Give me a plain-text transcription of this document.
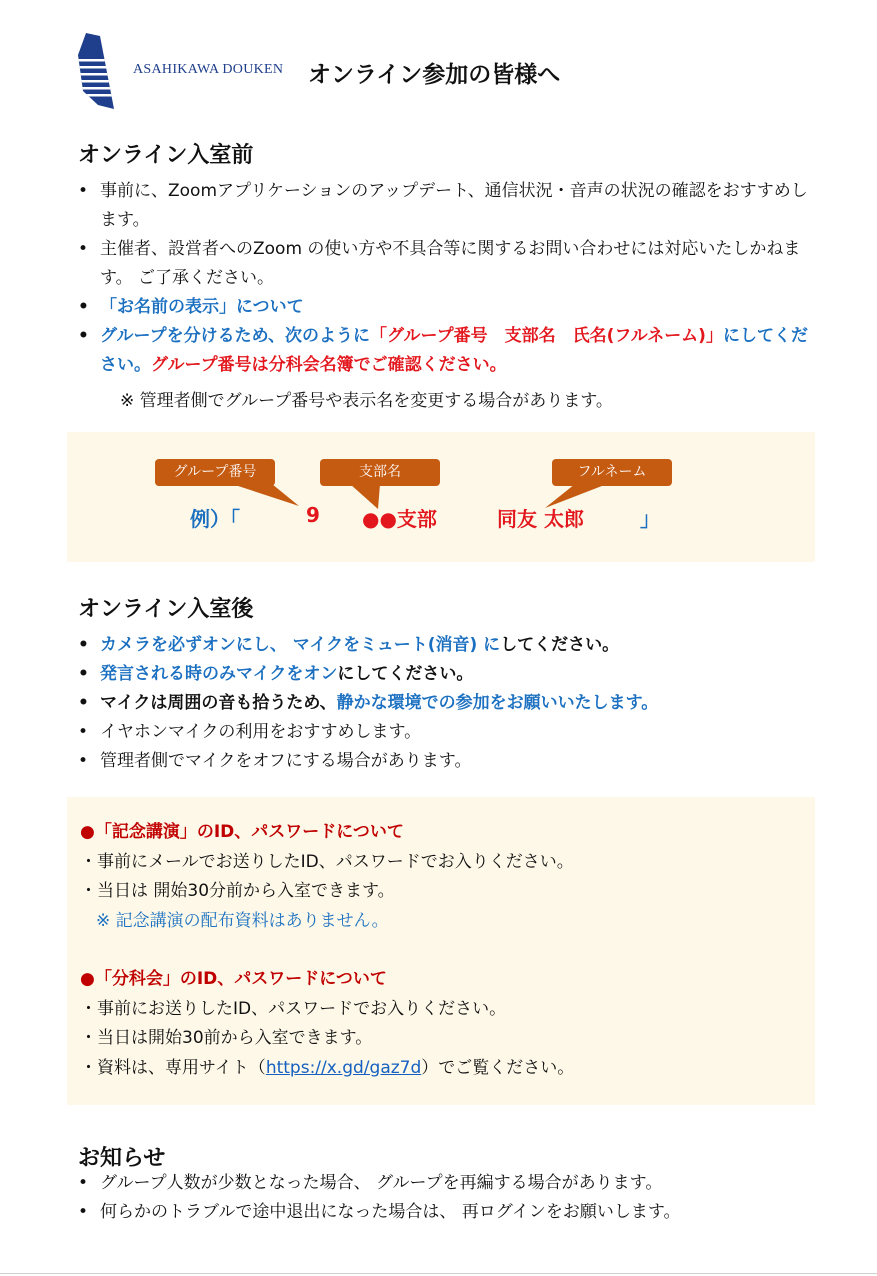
ASAHIKAWA DOUKEN オンライン参加の皆様へ
オンライン入室前
• 事前に、Zoomアプリケーションのアップデート、通信状況・音声の状況の確認をおすすめします。
• 主催者、設営者へのZoom の使い方や不具合等に関するお問い合わせには対応いたしかねます。 ご了承ください。
• 「お名前の表示」について
• グループを分けるため、次のように「グループ番号　支部名　氏名(フルネーム)」にしてください。グループ番号は分科会名簿でご確認ください。
※ 管理者側でグループ番号や表示名を変更する場合があります。
グループ番号	支部名	フルネーム
例）「	9 ●●支部	同友 太郎	」
オンライン入室後
• カメラを必ずオンにし、 マイクをミュート(消音) にしてください。
• 発言される時のみマイクをオンにしてください。
• マイクは周囲の音も拾うため、静かな環境での参加をお願いいたします。
• イヤホンマイクの利用をおすすめします。
• 管理者側でマイクをオフにする場合があります。
●「記念講演」のID、パスワードについて
・事前にメールでお送りしたID、パスワードでお入りください。
・当日は 開始30分前から入室できます。
※ 記念講演の配布資料はありません。
●「分科会」のID、パスワードについて
・事前にお送りしたID、パスワードでお入りください。
・当日は開始30前から入室できます。
・資料は、専用サイト（https://x.gd/gaz7d）でご覧ください。
お知らせ
• グループ人数が少数となった場合、 グループを再編する場合があります。
• 何らかのトラブルで途中退出になった場合は、 再ログインをお願いします。
